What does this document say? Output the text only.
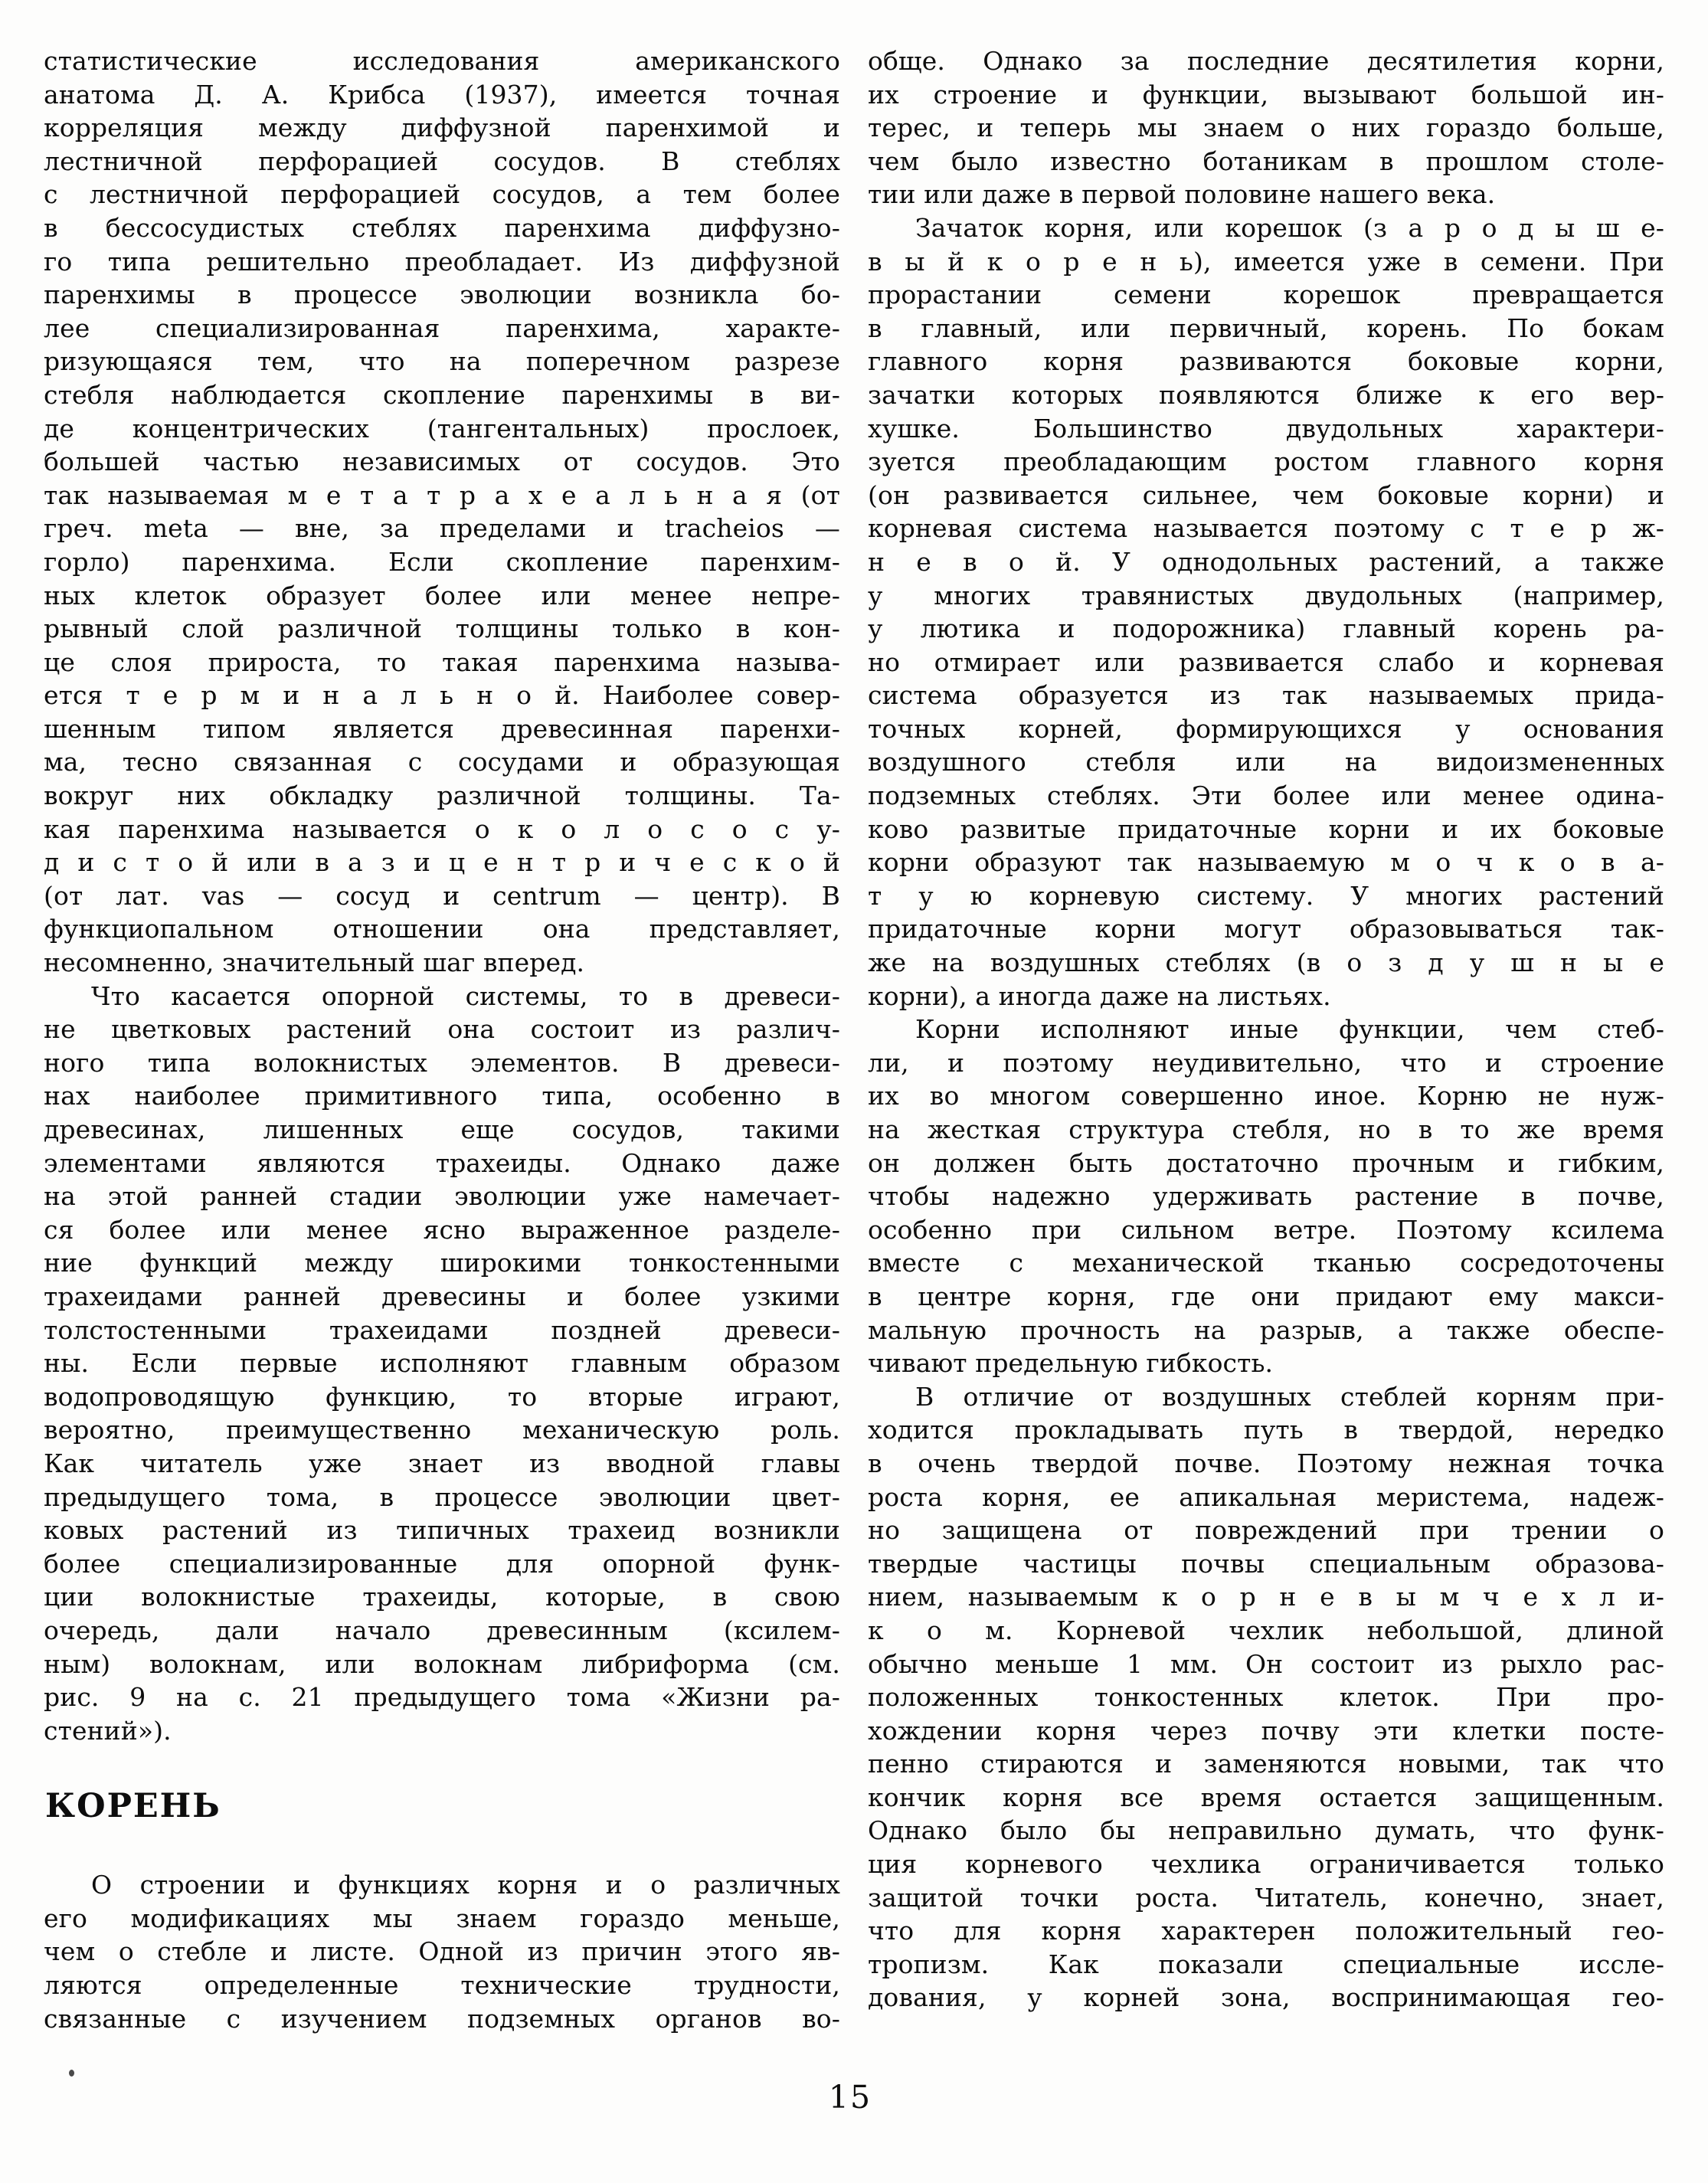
статистические исследования американского
анатома Д. А. Крибса (1937), имеется точная
корреляция между диффузной паренхимой и
лестничной перфорацией сосудов. В стеблях
с лестничной перфорацией сосудов, а тем более
в бессосудистых стеблях паренхима диффузно-
го типа решительно преобладает. Из диффузной
паренхимы в процессе эволюции возникла бо-
лее специализированная паренхима, характе-
ризующаяся тем, что на поперечном разрезе
стебля наблюдается скопление паренхимы в ви-
де концентрических (тангентальных) прослоек,
большей частью независимых от сосудов. Это
так называемая м е т а т р а х е а л ь н а я (от
греч. meta — вне, за пределами и tracheios —
горло) паренхима. Если скопление паренхим-
ных клеток образует более или менее непре-
рывный слой различной толщины только в кон-
це слоя прироста, то такая паренхима называ-
ется т е р м и н а л ь н о й. Наиболее совер-
шенным типом является древесинная паренхи-
ма, тесно связанная с сосудами и образующая
вокруг них обкладку различной толщины. Та-
кая паренхима называется о к о л о с о с у-
д и с т о й или в а з и ц е н т р и ч е с к о й
(от лат. vas — сосуд и centrum — центр). В
функциопальном отношении она представляет,
несомненно, значительный шаг вперед.
Что касается опорной системы, то в древеси-
не цветковых растений она состоит из различ-
ного типа волокнистых элементов. В древеси-
нах наиболее примитивного типа, особенно в
древесинах, лишенных еще сосудов, такими
элементами являются трахеиды. Однако даже
на этой ранней стадии эволюции уже намечает-
ся более или менее ясно выраженное разделе-
ние функций между широкими тонкостенными
трахеидами ранней древесины и более узкими
толстостенными трахеидами поздней древеси-
ны. Если первые исполняют главным образом
водопроводящую функцию, то вторые играют,
вероятно, преимущественно механическую роль.
Как читатель уже знает из вводной главы
предыдущего тома, в процессе эволюции цвет-
ковых растений из типичных трахеид возникли
более специализированные для опорной функ-
ции волокнистые трахеиды, которые, в свою
очередь, дали начало древесинным (ксилем-
ным) волокнам, или волокнам либриформа (см.
рис. 9 на с. 21 предыдущего тома «Жизни ра-
стений»).
КОРЕНЬ
О строении и функциях корня и о различных
его модификациях мы знаем гораздо меньше,
чем о стебле и листе. Одной из причин этого яв-
ляются определенные технические трудности,
связанные с изучением подземных органов во-
обще. Однако за последние десятилетия корни,
их строение и функции, вызывают большой ин-
терес, и теперь мы знаем о них гораздо больше,
чем было известно ботаникам в прошлом столе-
тии или даже в первой половине нашего века.
Зачаток корня, или корешок (з а р о д ы ш е-
в ы й к о р е н ь), имеется уже в семени. При
прорастании семени корешок превращается
в главный, или первичный, корень. По бокам
главного корня развиваются боковые корни,
зачатки которых появляются ближе к его вер-
хушке. Большинство двудольных характери-
зуется преобладающим ростом главного корня
(он развивается сильнее, чем боковые корни) и
корневая система называется поэтому с т е р ж-
н е в о й. У однодольных растений, а также
у многих травянистых двудольных (например,
у лютика и подорожника) главный корень ра-
но отмирает или развивается слабо и корневая
система образуется из так называемых прида-
точных корней, формирующихся у основания
воздушного стебля или на видоизмененных
подземных стеблях. Эти более или менее одина-
ково развитые придаточные корни и их боковые
корни образуют так называемую м о ч к о в а-
т у ю корневую систему. У многих растений
придаточные корни могут образовываться так-
же на воздушных стеблях (в о з д у ш н ы е
корни), а иногда даже на листьях.
Корни исполняют иные функции, чем стеб-
ли, и поэтому неудивительно, что и строение
их во многом совершенно иное. Корню не нуж-
на жесткая структура стебля, но в то же время
он должен быть достаточно прочным и гибким,
чтобы надежно удерживать растение в почве,
особенно при сильном ветре. Поэтому ксилема
вместе с механической тканью сосредоточены
в центре корня, где они придают ему макси-
мальную прочность на разрыв, а также обеспе-
чивают предельную гибкость.
В отличие от воздушных стеблей корням при-
ходится прокладывать путь в твердой, нередко
в очень твердой почве. Поэтому нежная точка
роста корня, ее апикальная меристема, надеж-
но защищена от повреждений при трении о
твердые частицы почвы специальным образова-
нием, называемым к о р н е в ы м ч е х л и-
к о м. Корневой чехлик небольшой, длиной
обычно меньше 1 мм. Он состоит из рыхло рас-
положенных тонкостенных клеток. При про-
хождении корня через почву эти клетки посте-
пенно стираются и заменяются новыми, так что
кончик корня все время остается защищенным.
Однако было бы неправильно думать, что функ-
ция корневого чехлика ограничивается только
защитой точки роста. Читатель, конечно, знает,
что для корня характерен положительный гео-
тропизм. Как показали специальные иссле-
дования, у корней зона, воспринимающая гео-
15
